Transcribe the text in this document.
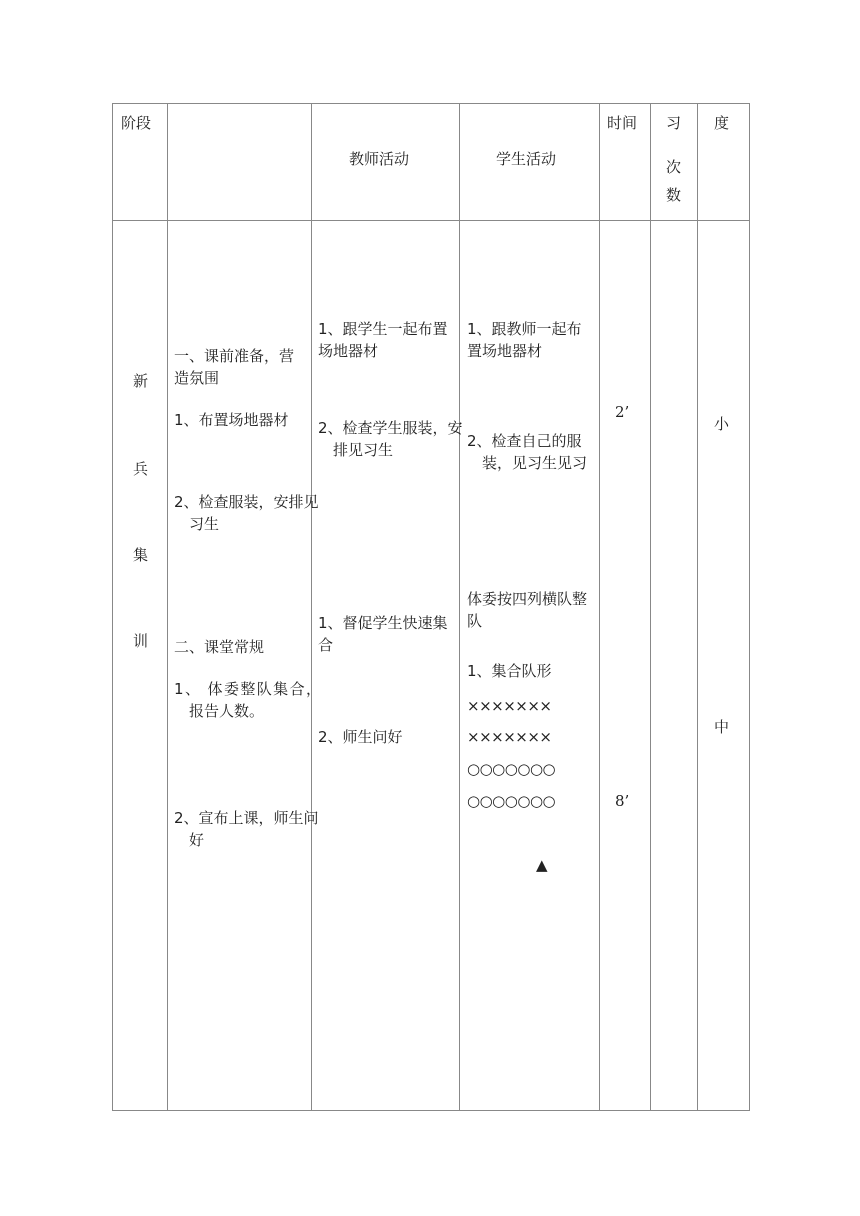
阶段
教师活动	学生活动
时间 习
次
数
度
新
兵
集
训
一、课前准备，营造氛围
1、布置场地器材
2、检查服装，安排见习生
二、课堂常规
1、 体委整队集合，报告人数。
2、宣布上课，师生问好
1、跟学生一起布置场地器材
2、检查学生服装，安排见习生
1、督促学生快速集合
2、师生问好
1、跟教师一起布置场地器材
2、检查自己的服装，见习生见习
体委按四列横队整队
1、集合队形
×××××××
×××××××
○○○○○○○
○○○○○○○
▲
2’
8’
小
中
